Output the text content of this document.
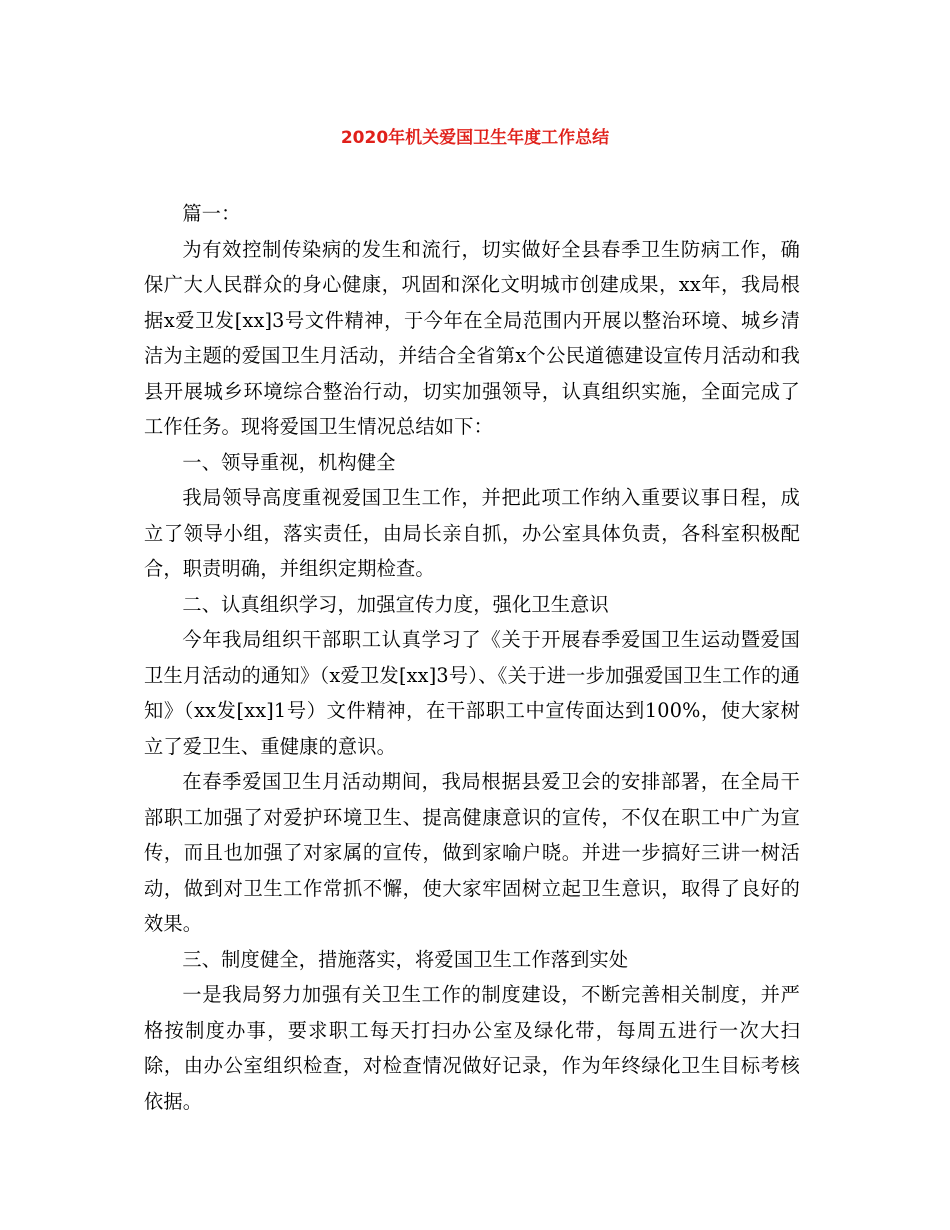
2020年机关爱国卫生年度工作总结

篇一：

为有效控制传染病的发生和流行，切实做好全县春季卫生防病工作，确保广大人民群众的身心健康，巩固和深化文明城市创建成果，xx年，我局根据x爱卫发[xx]3号文件精神，于今年在全局范围内开展以整治环境、城乡清洁为主题的爱国卫生月活动，并结合全省第x个公民道德建设宣传月活动和我县开展城乡环境综合整治行动，切实加强领导，认真组织实施，全面完成了工作任务。现将爱国卫生情况总结如下：

一、领导重视，机构健全

我局领导高度重视爱国卫生工作，并把此项工作纳入重要议事日程，成立了领导小组，落实责任，由局长亲自抓，办公室具体负责，各科室积极配合，职责明确，并组织定期检查。

二、认真组织学习，加强宣传力度，强化卫生意识

今年我局组织干部职工认真学习了《关于开展春季爱国卫生运动暨爱国卫生月活动的通知》（x爱卫发[xx]3号）、《关于进一步加强爱国卫生工作的通知》（xx发[xx]1号）文件精神，在干部职工中宣传面达到100%，使大家树立了爱卫生、重健康的意识。

在春季爱国卫生月活动期间，我局根据县爱卫会的安排部署，在全局干部职工加强了对爱护环境卫生、提高健康意识的宣传，不仅在职工中广为宣传，而且也加强了对家属的宣传，做到家喻户晓。并进一步搞好三讲一树活动，做到对卫生工作常抓不懈，使大家牢固树立起卫生意识，取得了良好的效果。

三、制度健全，措施落实，将爱国卫生工作落到实处

一是我局努力加强有关卫生工作的制度建设，不断完善相关制度，并严格按制度办事，要求职工每天打扫办公室及绿化带，每周五进行一次大扫除，由办公室组织检查，对检查情况做好记录，作为年终绿化卫生目标考核依据。
